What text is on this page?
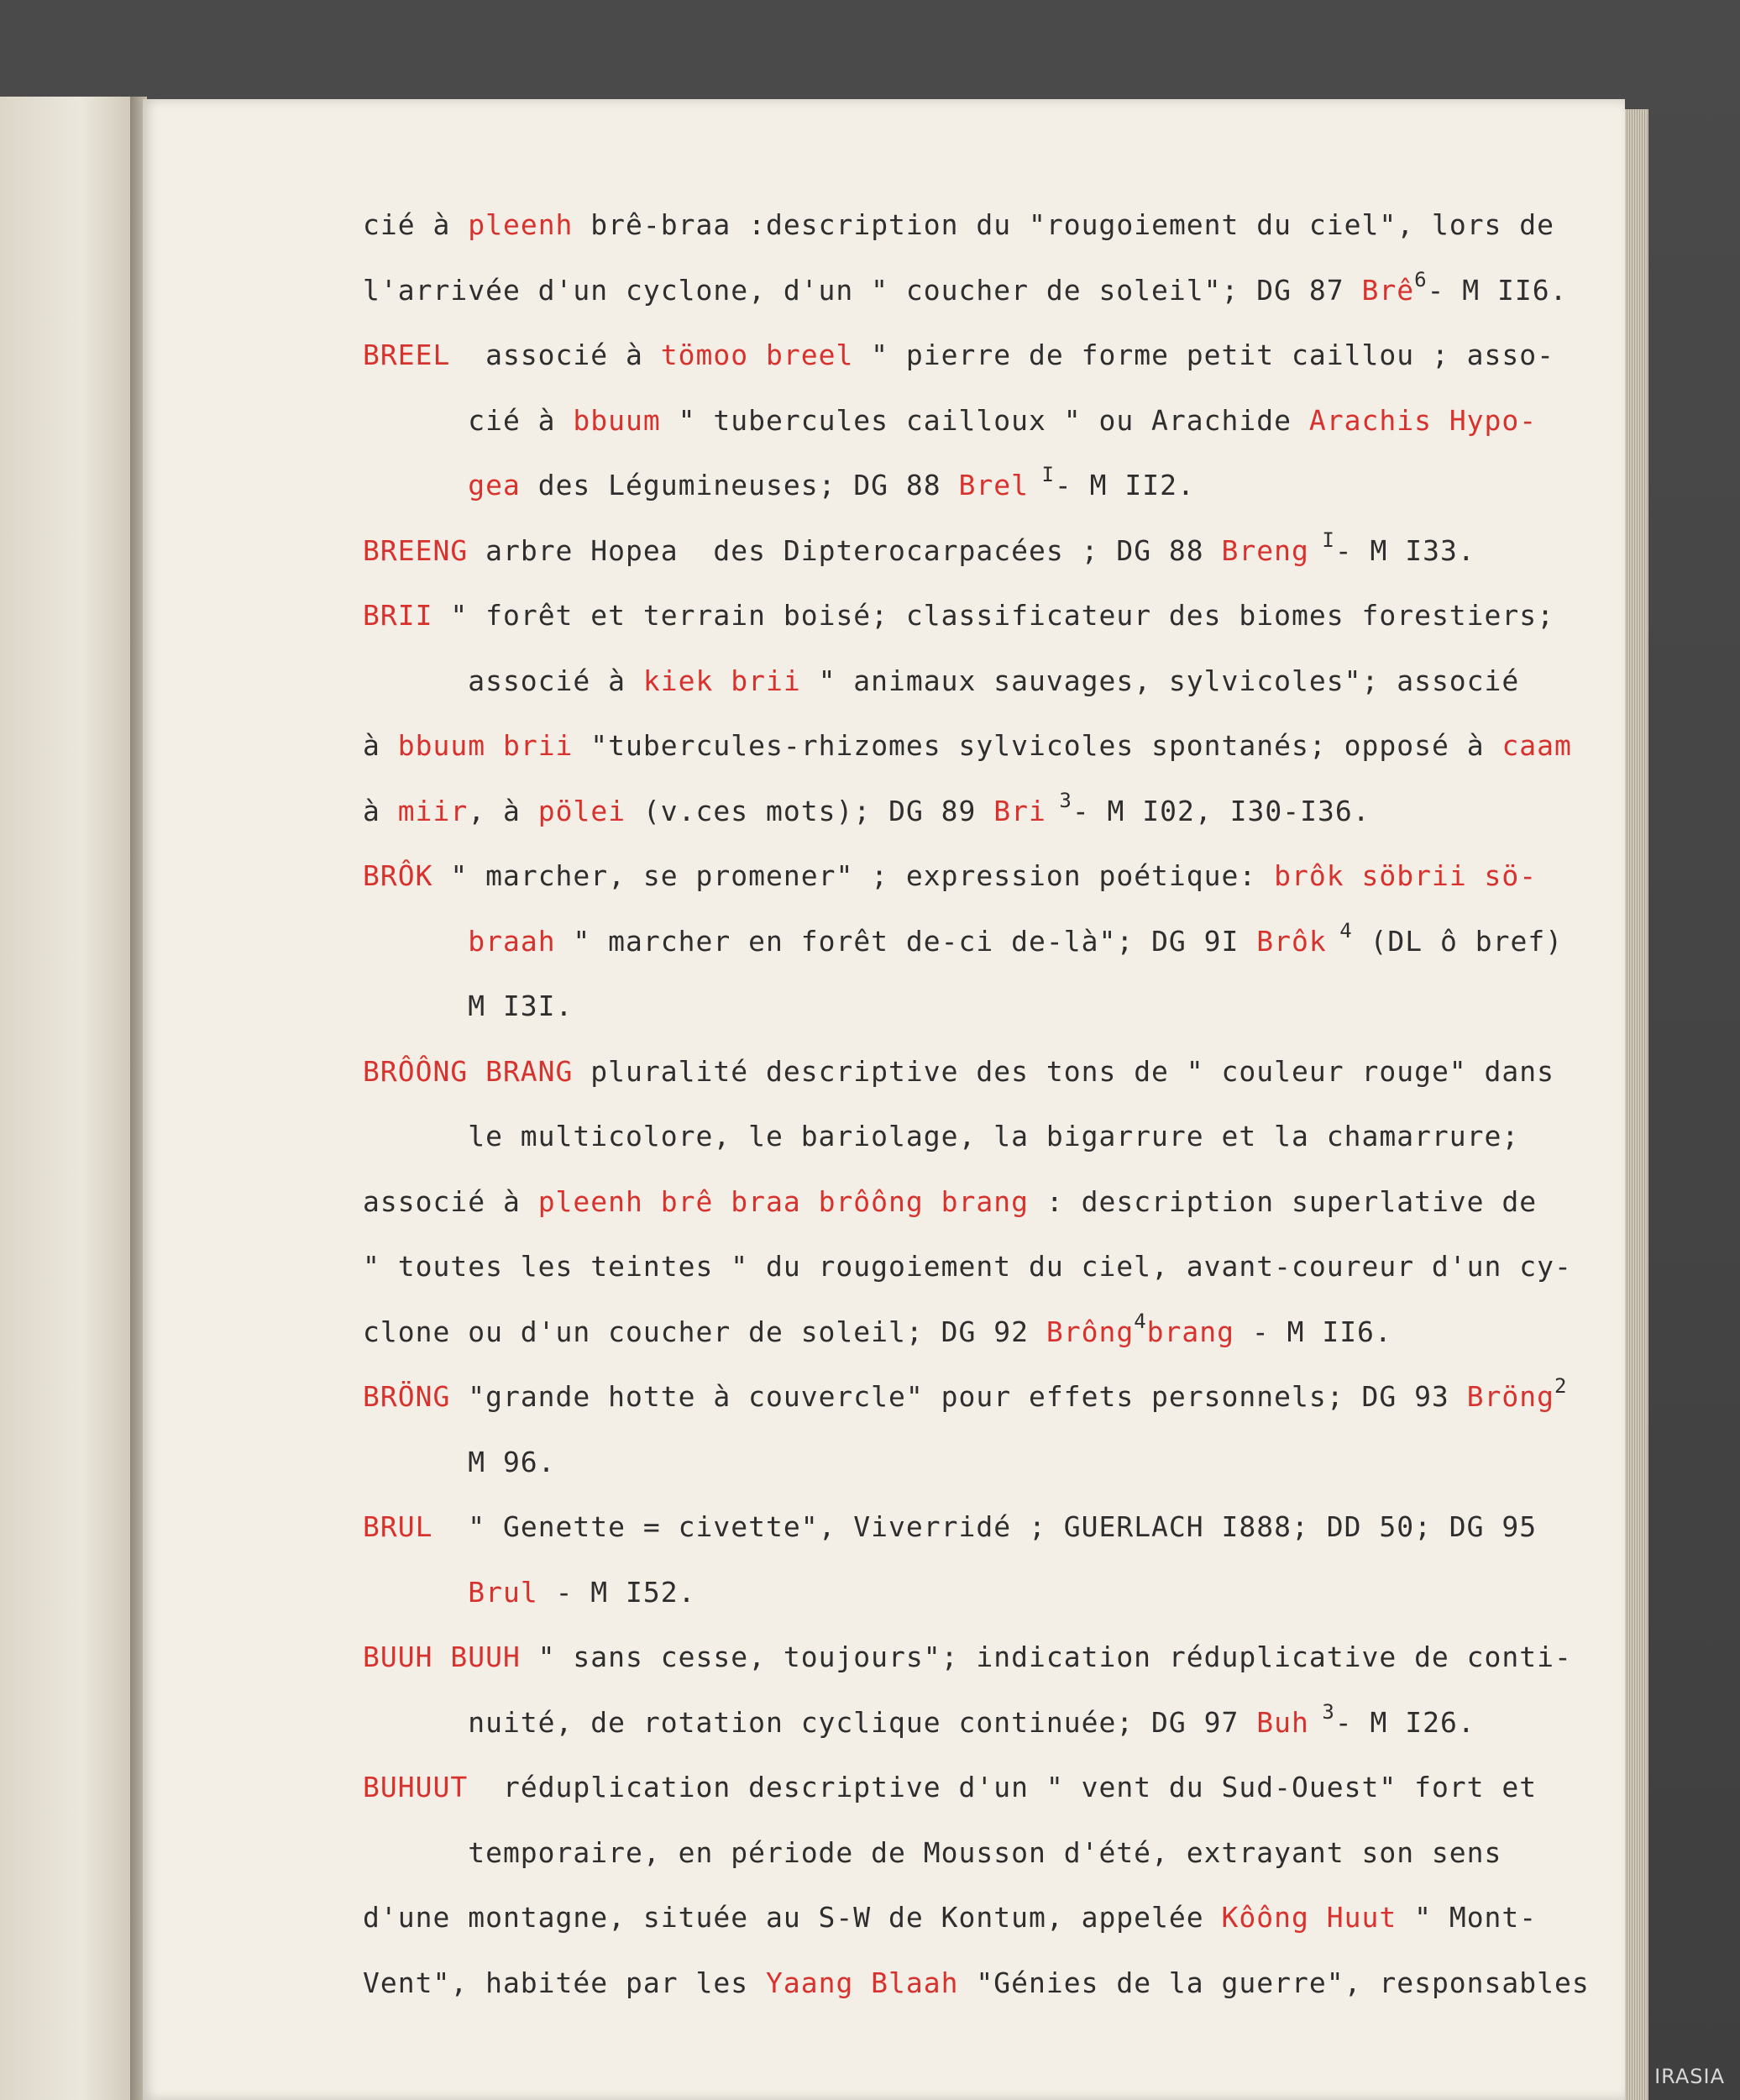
cié à pleenh brê-braa :description du "rougoiement du ciel", lors de
l'arrivée d'un cyclone, d'un " coucher de soleil"; DG 87 Brê$^6$- M II6.
BREEL  associé à tömoo breel " pierre de forme petit caillou ; asso-
cié à bbuum " tubercules cailloux " ou Arachide Arachis Hypo-
gea des Légumineuses; DG 88 Brel $^I$- M II2.
BREENG arbre Hopea  des Dipterocarpacées ; DG 88 Breng $^I$- M I33.
BRII " forêt et terrain boisé; classificateur des biomes forestiers;
associé à kiek brii " animaux sauvages, sylvicoles"; associé
à bbuum brii "tubercules-rhizomes sylvicoles spontanés; opposé à caam
à miir, à pölei (v.ces mots); DG 89 Bri $^3$- M I02, I30-I36.
BRÔK " marcher, se promener" ; expression poétique: brôk söbrii sö-
braah " marcher en forêt de-ci de-là"; DG 9I Brôk $^4$ (DL ô bref)
M I3I.
BRÔÔNG BRANG pluralité descriptive des tons de " couleur rouge" dans
le multicolore, le bariolage, la bigarrure et la chamarrure;
associé à pleenh brê braa brôông brang : description superlative de
" toutes les teintes " du rougoiement du ciel, avant-coureur d'un cy-
clone ou d'un coucher de soleil; DG 92 Brông$^4$brang - M II6.
BRÖNG "grande hotte à couvercle" pour effets personnels; DG 93 Bröng$^2$
M 96.
BRUL  " Genette = civette", Viverridé ; GUERLACH I888; DD 50; DG 95
Brul - M I52.
BUUH BUUH " sans cesse, toujours"; indication réduplicative de conti-
nuité, de rotation cyclique continuée; DG 97 Buh $^3$- M I26.
BUHUUT  réduplication descriptive d'un " vent du Sud-Ouest" fort et
temporaire, en période de Mousson d'été, extrayant son sens
d'une montagne, située au S-W de Kontum, appelée Kôông Huut " Mont-
Vent", habitée par les Yaang Blaah "Génies de la guerre", responsables
IRASIA
